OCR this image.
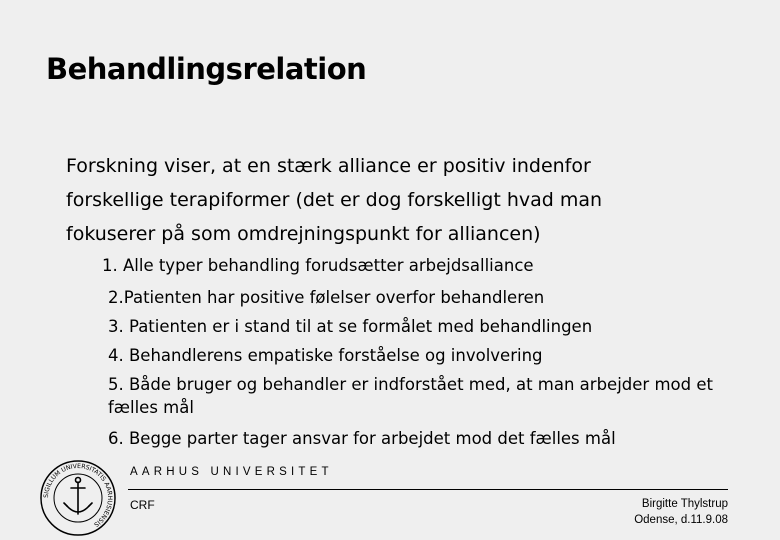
Behandlingsrelation
Forskning viser, at en stærk alliance er positiv indenfor
forskellige terapiformer (det er dog forskelligt hvad man
fokuserer på som omdrejningspunkt for alliancen)
1. Alle typer behandling forudsætter arbejdsalliance
2.Patienten har positive følelser overfor behandleren
3. Patienten er i stand til at se formålet med behandlingen
4. Behandlerens empatiske forståelse og involvering
5. Både bruger og behandler er indforstået med, at man arbejder mod et fælles mål
6. Begge parter tager ansvar for arbejdet mod det fælles mål
SIGILLUM UNIVERSITATIS AARHUSIENSIS
AARHUS UNIVERSITET
CRF	Birgitte Thylstrup
Odense, d.11.9.08
